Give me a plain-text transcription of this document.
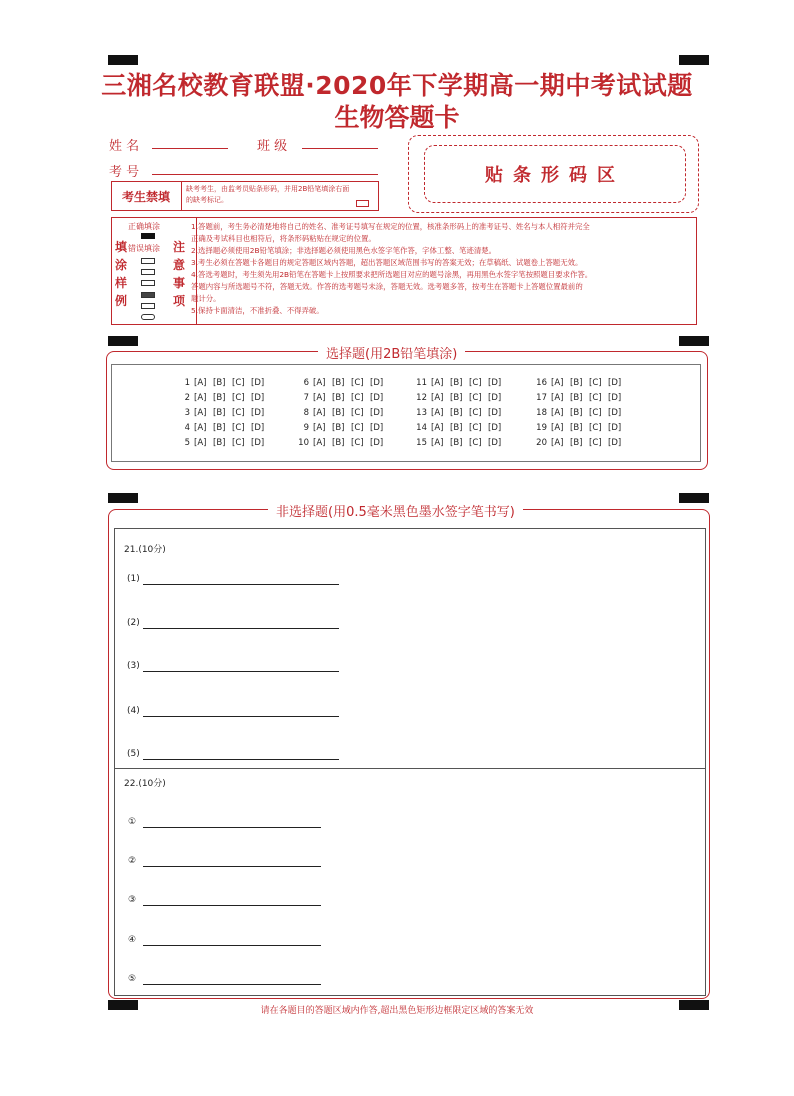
三湘名校教育联盟·2020年下学期高一期中考试试题
生物答题卡
姓 名	班 级
考 号	贴条形码区
考生禁填
缺考考生，由监考员贴条形码，并用2B铅笔填涂右面的缺考标记。
正确填涂
错误填涂
填涂样例
注意事项

1.答题前，考生务必清楚地将自己的姓名、准考证号填写在规定的位置，核准条形码上的准考证号、姓名与本人相符并完全

正确及考试科目也相符后，将条形码粘贴在规定的位置。

2.选择题必须使用2B铅笔填涂；非选择题必须使用黑色水签字笔作答，字体工整、笔迹清楚。

3.考生必须在答题卡各题目的规定答题区域内答题，超出答题区域范围书写的答案无效；在草稿纸、试题卷上答题无效。

4.答选考题时，考生须先用2B铅笔在答题卡上按照要求把所选题目对应的题号涂黑，再用黑色水签字笔按照题目要求作答。

答题内容与所选题号不符，答题无效。作答的选考题号未涂，答题无效。选考题多答，按考生在答题卡上答题位置最前的

题计分。

5.保持卡面清洁，不准折叠、不得弄破。

选择题(用2B铅笔填涂)
1 [A] [B] [C] [D]
2 [A] [B] [C] [D]
3 [A] [B] [C] [D]
4 [A] [B] [C] [D]
5 [A] [B] [C] [D]
6 [A] [B] [C] [D]
7 [A] [B] [C] [D]
8 [A] [B] [C] [D]
9 [A] [B] [C] [D]
10 [A] [B] [C] [D]
11 [A] [B] [C] [D]
12 [A] [B] [C] [D]
13 [A] [B] [C] [D]
14 [A] [B] [C] [D]
15 [A] [B] [C] [D]
16 [A] [B] [C] [D]
17 [A] [B] [C] [D]
18 [A] [B] [C] [D]
19 [A] [B] [C] [D]
20 [A] [B] [C] [D]
非选择题(用0.5毫米黑色墨水签字笔书写)
21.(10分)
(1)
(2)
(3)
(4)
(5)
22.(10分)
①
②
③
④
⑤
请在各题目的答题区域内作答,超出黑色矩形边框限定区域的答案无效
